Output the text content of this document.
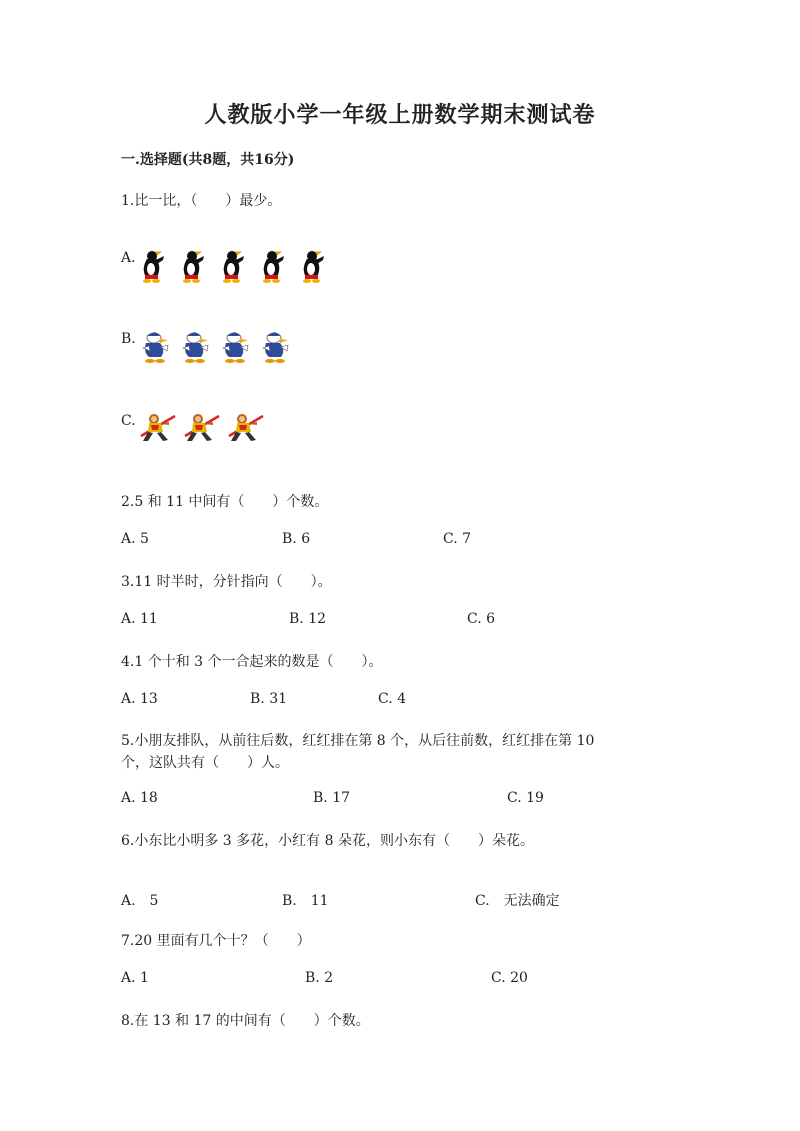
人教版小学一年级上册数学期末测试卷
一.选择题(共8题，共16分)
1.比一比，（　　）最少。
A.
B.
C.
2.5 和 11 中间有（　　）个数。
A. 5	B. 6	C. 7
3.11 时半时，分针指向（　　）。
A. 11	B. 12	C. 6
4.1 个十和 3 个一合起来的数是（　　）。
A. 13	B. 31	C. 4
5.小朋友排队，从前往后数，红红排在第 8 个，从后往前数，红红排在第 10
个，这队共有（　　）人。
A. 18	B. 17	C. 19
6.小东比小明多 3 多花，小红有 8 朵花，则小东有（　　）朵花。
A.　5	B.　11	C.　无法确定
7.20 里面有几个十？（　　）
A. 1	B. 2	C. 20
8.在 13 和 17 的中间有（　　）个数。
